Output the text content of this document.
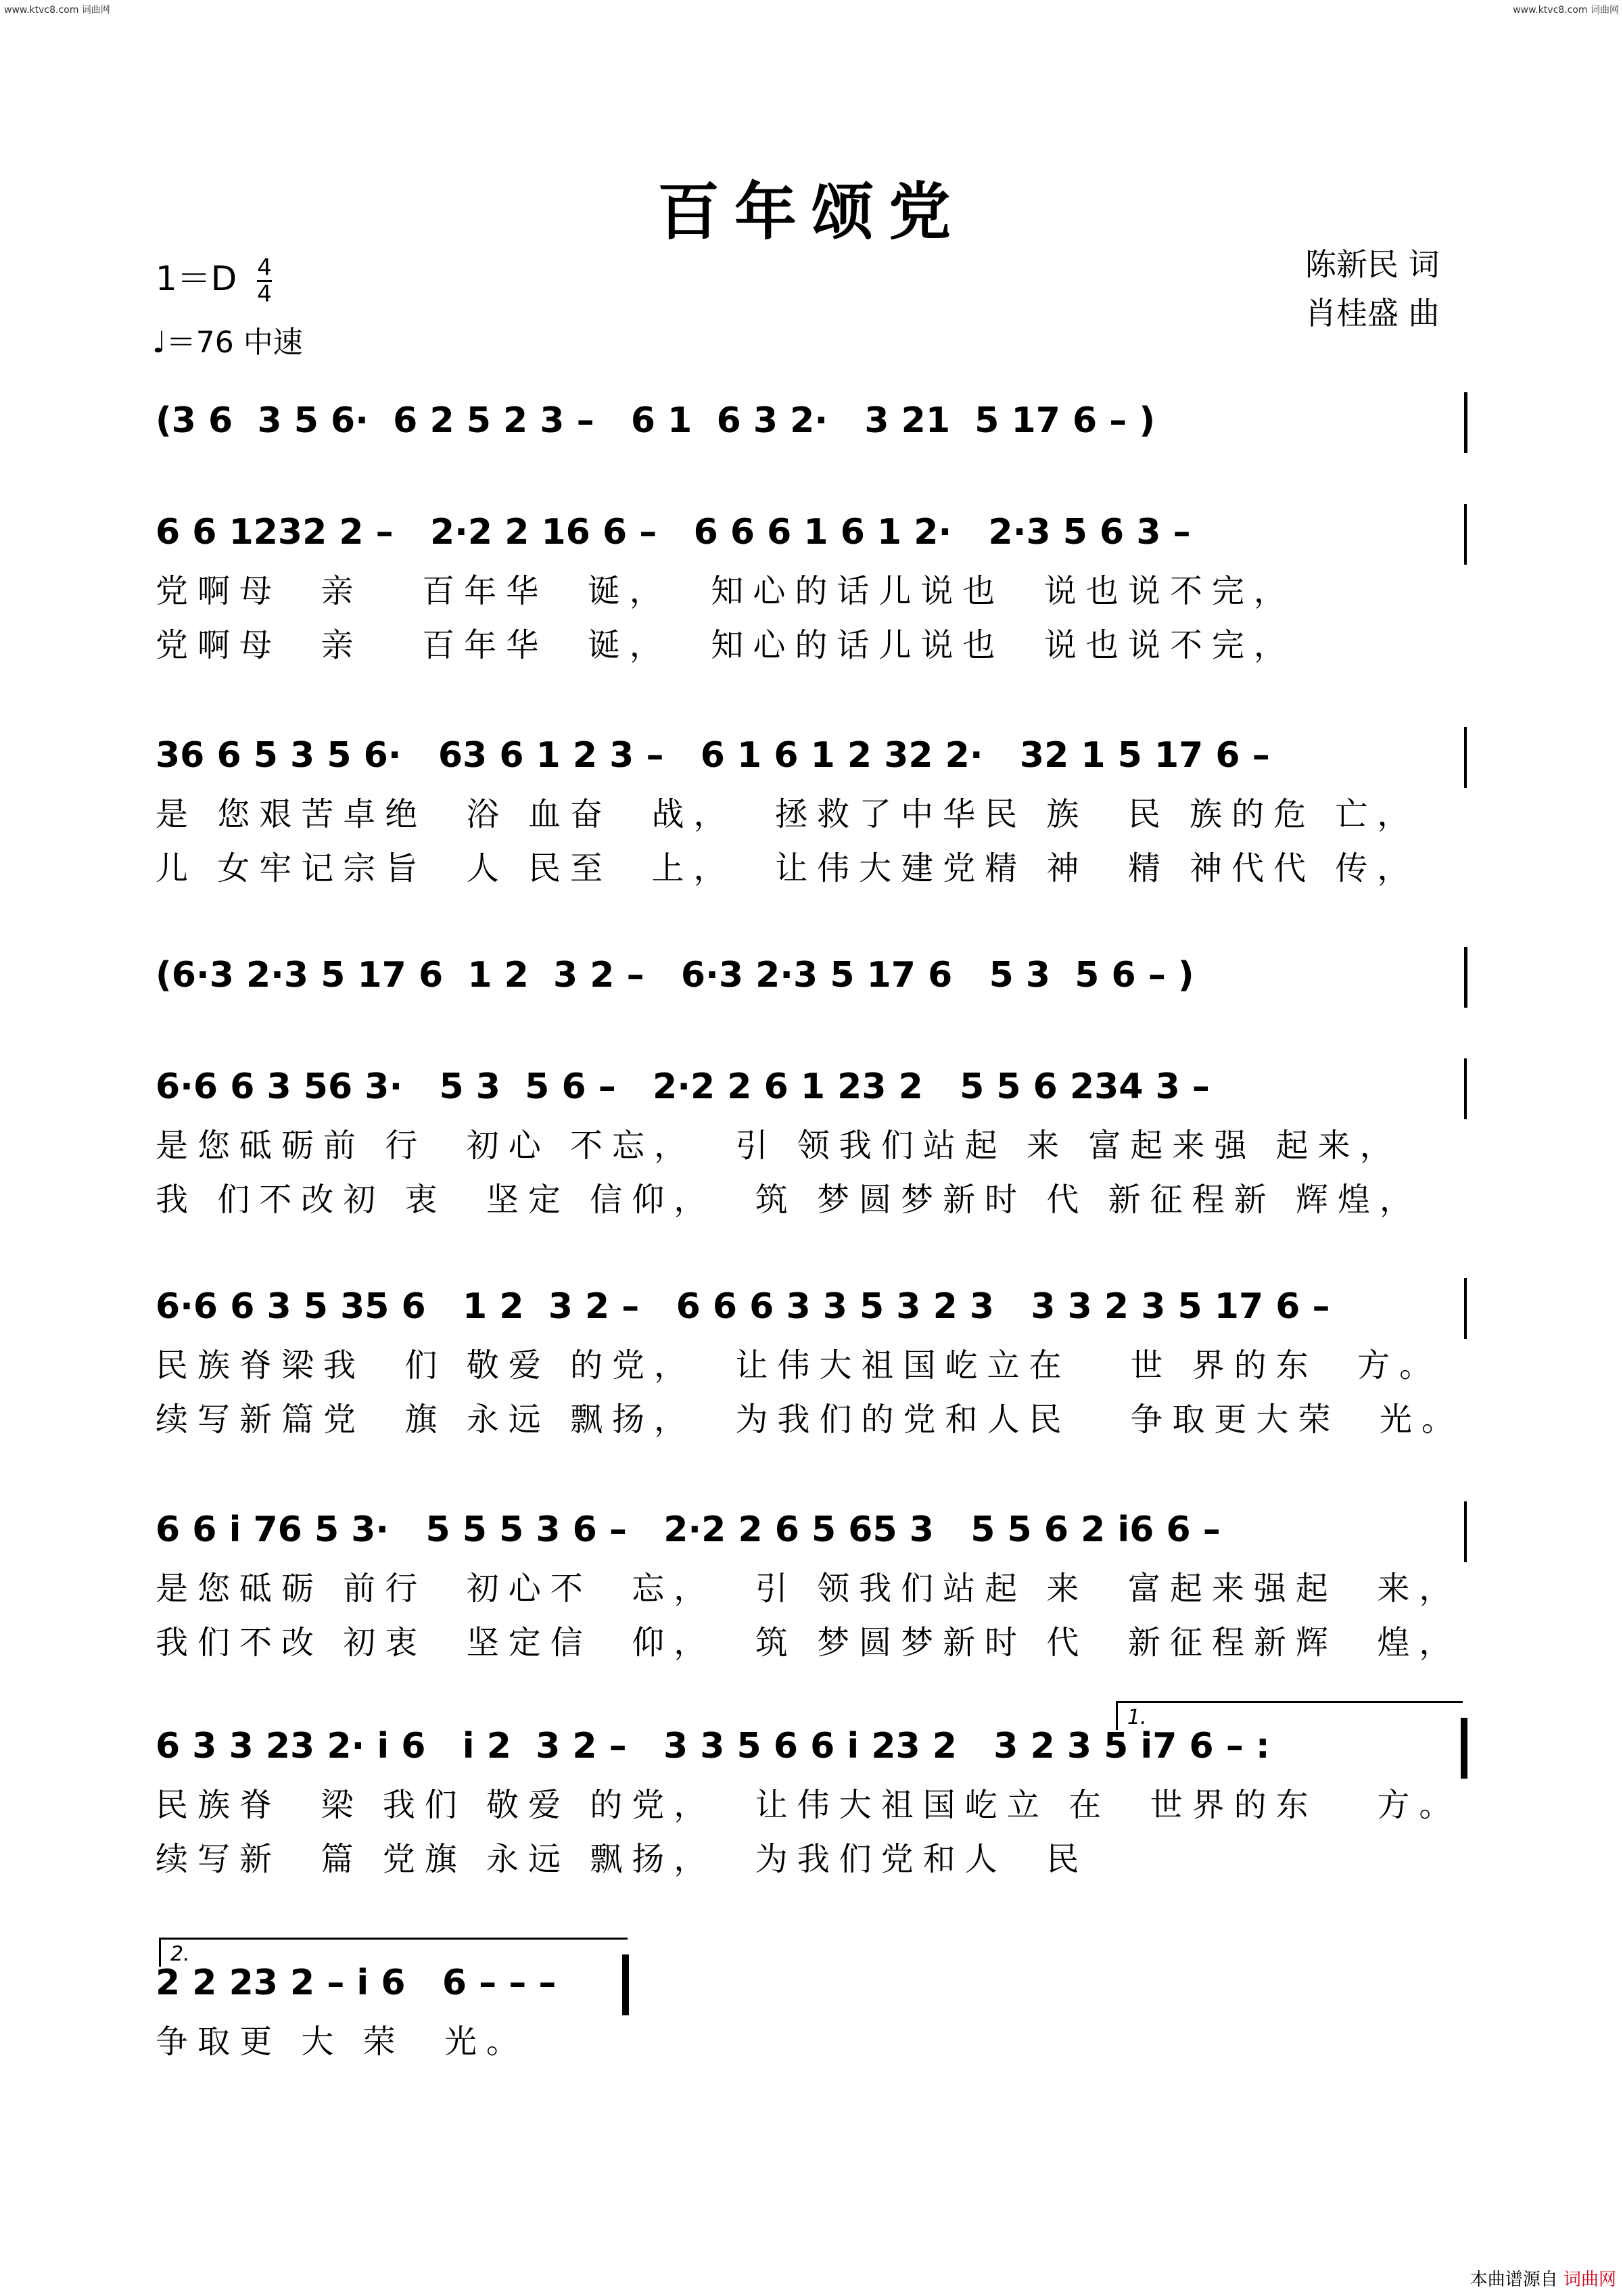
www.ktvc8.com 词曲网	www.ktvc8.com 词曲网
百年颂党
陈新民 词
肖桂盛 曲
$1=D \frac{4}{4}$
♩＝76 中速
(3 6  3 5 6·  6 2 5 2 3 –   6 1  6 3 2·   3 21  5 17 6 – )
6 6 1232 2 –   2·2 2 16 6 –   6 6 6 1 6 1 2·   2·3 5 6 3 –
党啊母  亲   百年华  诞，  知心的话儿说也  说也说不完，
党啊母  亲   百年华  诞，  知心的话儿说也  说也说不完，
36 6 5 3 5 6·   63 6 1 2 3 –   6 1 6 1 2 32 2·   32 1 5 17 6 –
是 您艰苦卓绝  浴 血奋  战，  拯救了中华民 族  民 族的危 亡，
儿 女牢记宗旨  人 民至  上，  让伟大建党精 神  精 神代代 传，
(6·3 2·3 5 17 6  1 2  3 2 –   6·3 2·3 5 17 6   5 3  5 6 – )
6·6 6 3 56 3·   5 3  5 6 –   2·2 2 6 1 23 2   5 5 6 234 3 –
是您砥砺前 行  初心 不忘，  引 领我们站起 来 富起来强 起来，
我 们不改初 衷  坚定 信仰，  筑 梦圆梦新时 代 新征程新 辉煌，
6·6 6 3 5 35 6   1 2  3 2 –   6 6 6 3 3 5 3 2 3   3 3 2 3 5 17 6 –
民族脊梁我  们 敬爱 的党，  让伟大祖国屹立在   世 界的东  方。
续写新篇党  旗 永远 飘扬，  为我们的党和人民   争取更大荣  光。
6 6 i 76 5 3·   5 5 5 3 6 –   2·2 2 6 5 65 3   5 5 6 2 i6 6 –
是您砥砺 前行  初心不  忘，  引 领我们站起 来  富起来强起  来，
我们不改 初衷  坚定信  仰，  筑 梦圆梦新时 代  新征程新辉  煌，
1.
6 3 3 23 2· i 6   i 2  3 2 –   3 3 5 6 6 i 23 2   3 2 3 5 i7 6 – :
民族脊  梁 我们 敬爱 的党，  让伟大祖国屹立 在  世界的东   方。
续写新  篇 党旗 永远 飘扬，  为我们党和人  民
2.
2 2 23 2 – i 6   6 – – –
争取更 大 荣  光。
本曲谱源自 词曲网
